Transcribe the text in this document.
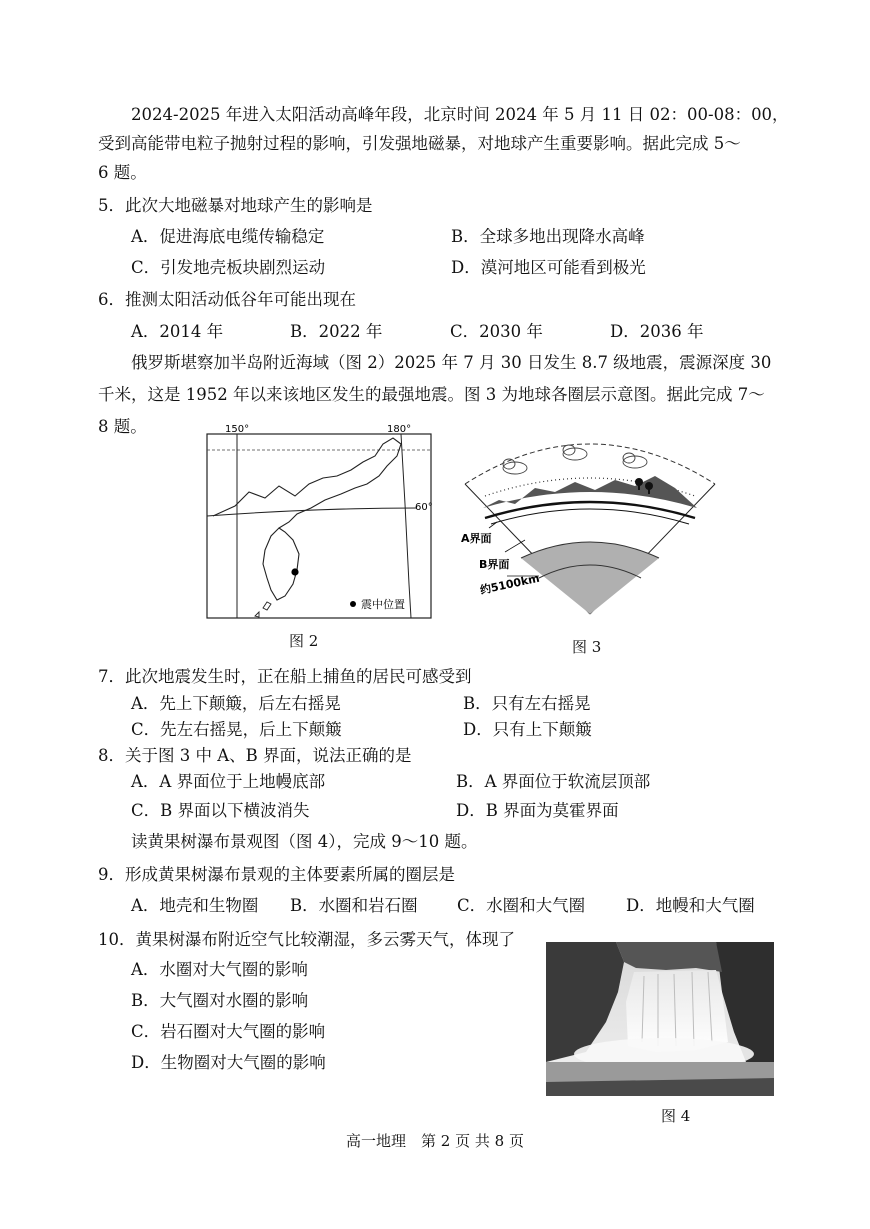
2024-2025 年进入太阳活动高峰年段，北京时间 2024 年 5 月 11 日 02：00-08：00，
受到高能带电粒子抛射过程的影响，引发强地磁暴，对地球产生重要影响。据此完成 5～
6 题。
5．此次大地磁暴对地球产生的影响是
A．促进海底电缆传输稳定	B．全球多地出现降水高峰
C．引发地壳板块剧烈运动	D．漠河地区可能看到极光
6．推测太阳活动低谷年可能出现在
A．2014 年	B．2022 年	C．2030 年	D．2036 年
俄罗斯堪察加半岛附近海域（图 2）2025 年 7 月 30 日发生 8.7 级地震，震源深度 30
千米，这是 1952 年以来该地区发生的最强地震。图 3 为地球各圈层示意图。据此完成 7～
8 题。	150°	180°
60°
震中位置
图 2
A界面
B界面
约5100km
图 3
7．此次地震发生时，正在船上捕鱼的居民可感受到
A．先上下颠簸，后左右摇晃	B．只有左右摇晃
C．先左右摇晃，后上下颠簸	D．只有上下颠簸
8．关于图 3 中 A、B 界面，说法正确的是
A．A 界面位于上地幔底部	B．A 界面位于软流层顶部
C．B 界面以下横波消失	D．B 界面为莫霍界面
读黄果树瀑布景观图（图 4），完成 9～10 题。
9．形成黄果树瀑布景观的主体要素所属的圈层是
A．地壳和生物圈 B．水圈和岩石圈 C．水圈和大气圈 D．地幔和大气圈
10．黄果树瀑布附近空气比较潮湿，多云雾天气，体现了
A．水圈对大气圈的影响
B．大气圈对水圈的影响
C．岩石圈对大气圈的影响
D．生物圈对大气圈的影响
图 4
高一地理　第 2 页 共 8 页
